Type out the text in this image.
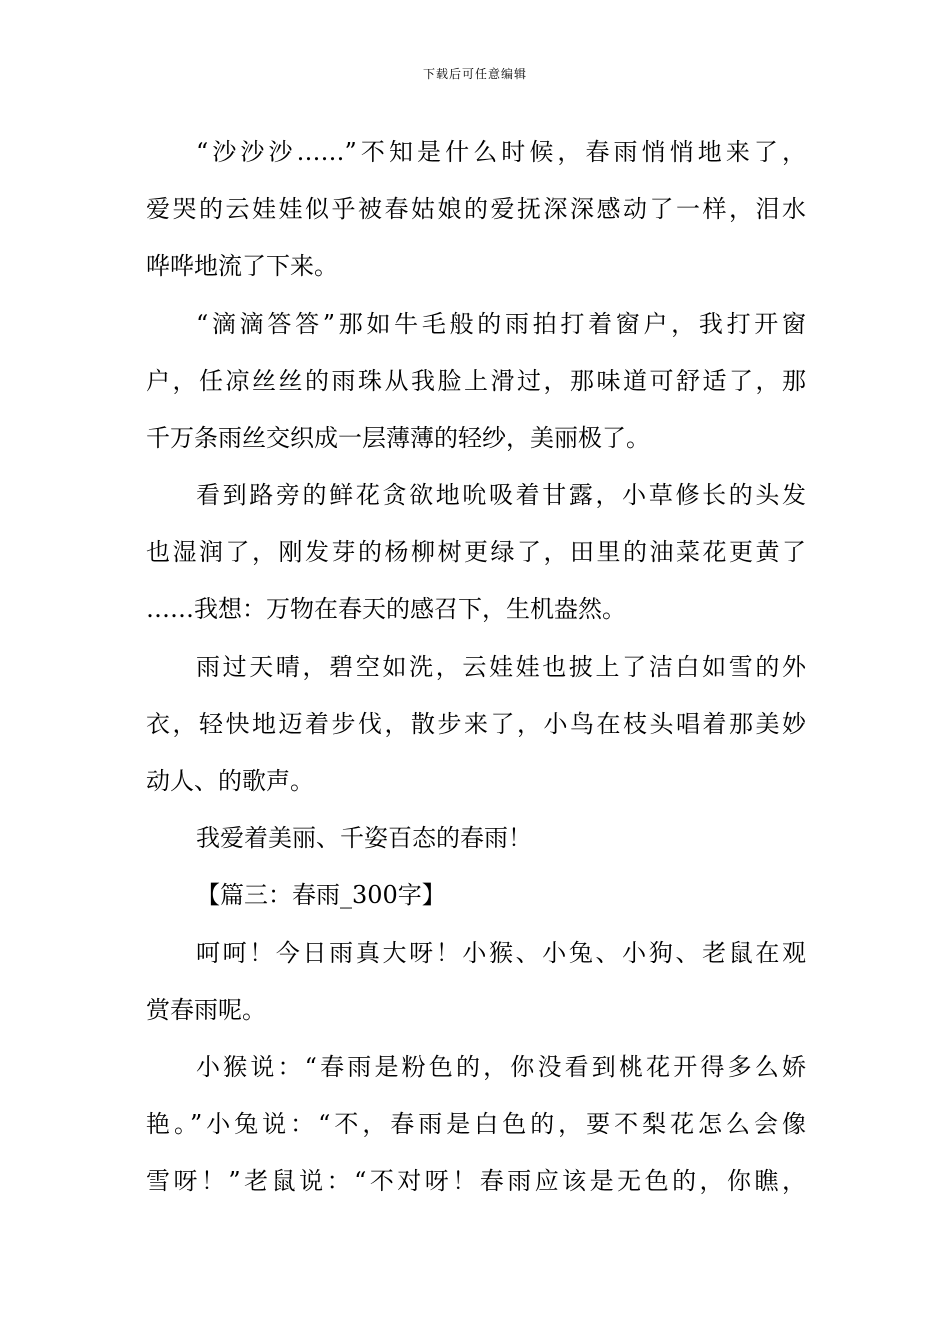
下载后可任意编辑
“沙沙沙……”不知是什么时候，春雨悄悄地来了，
爱哭的云娃娃似乎被春姑娘的爱抚深深感动了一样，泪水
哗哗地流了下来。
“滴滴答答”那如牛毛般的雨拍打着窗户，我打开窗
户，任凉丝丝的雨珠从我脸上滑过，那味道可舒适了，那
千万条雨丝交织成一层薄薄的轻纱，美丽极了。
看到路旁的鲜花贪欲地吮吸着甘露，小草修长的头发
也湿润了，刚发芽的杨柳树更绿了，田里的油菜花更黄了
……我想：万物在春天的感召下，生机盎然。
雨过天晴，碧空如洗，云娃娃也披上了洁白如雪的外
衣，轻快地迈着步伐，散步来了，小鸟在枝头唱着那美妙
动人、的歌声。
我爱着美丽、千姿百态的春雨！
【篇三：春雨_300字】
呵呵！今日雨真大呀！小猴、小兔、小狗、老鼠在观
赏春雨呢。
小猴说：“春雨是粉色的，你没看到桃花开得多么娇
艳。”小兔说：“不，春雨是白色的，要不梨花怎么会像
雪呀！”老鼠说：“不对呀！春雨应该是无色的，你瞧，
